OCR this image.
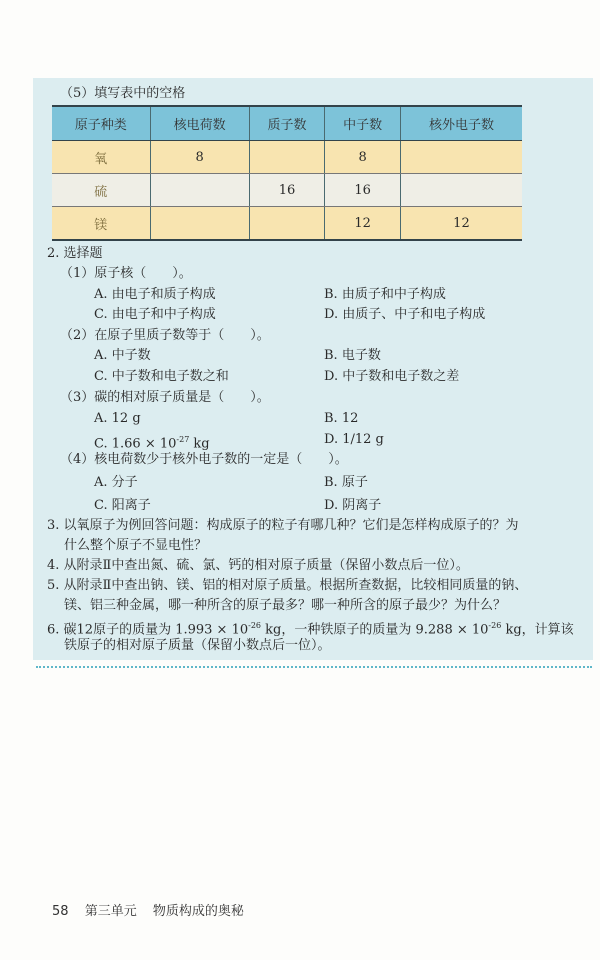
（5）填写表中的空格
原子种类	核电荷数	质子数	中子数	核外电子数
氧	8		8	
硫		16	16	
镁			12	12
2. 选择题
（1）原子核（　　）。
A. 由电子和质子构成	B. 由质子和中子构成
C. 由电子和中子构成	D. 由质子、中子和电子构成
（2）在原子里质子数等于（　　）。
A. 中子数	B. 电子数
C. 中子数和电子数之和	D. 中子数和电子数之差
（3）碳的相对原子质量是（　　）。
A. 12 g	B. 12
C. $1.66 \times 10^{-27}$ kg	D. 1/12 g
（4）核电荷数少于核外电子数的一定是（　　）。
A. 分子	B. 原子
C. 阳离子	D. 阴离子
3. 以氧原子为例回答问题：构成原子的粒子有哪几种？它们是怎样构成原子的？为
什么整个原子不显电性？
4. 从附录Ⅱ中查出氮、硫、氯、钙的相对原子质量（保留小数点后一位）。
5. 从附录Ⅱ中查出钠、镁、铝的相对原子质量。根据所查数据，比较相同质量的钠、
镁、铝三种金属，哪一种所含的原子最多？哪一种所含的原子最少？为什么？
6. 碳12原子的质量为 $1.993 \times 10^{-26}$ kg，一种铁原子的质量为 $9.288 \times 10^{-26}$ kg，计算该
铁原子的相对原子质量（保留小数点后一位）。
58 第三单元 物质构成的奥秘
